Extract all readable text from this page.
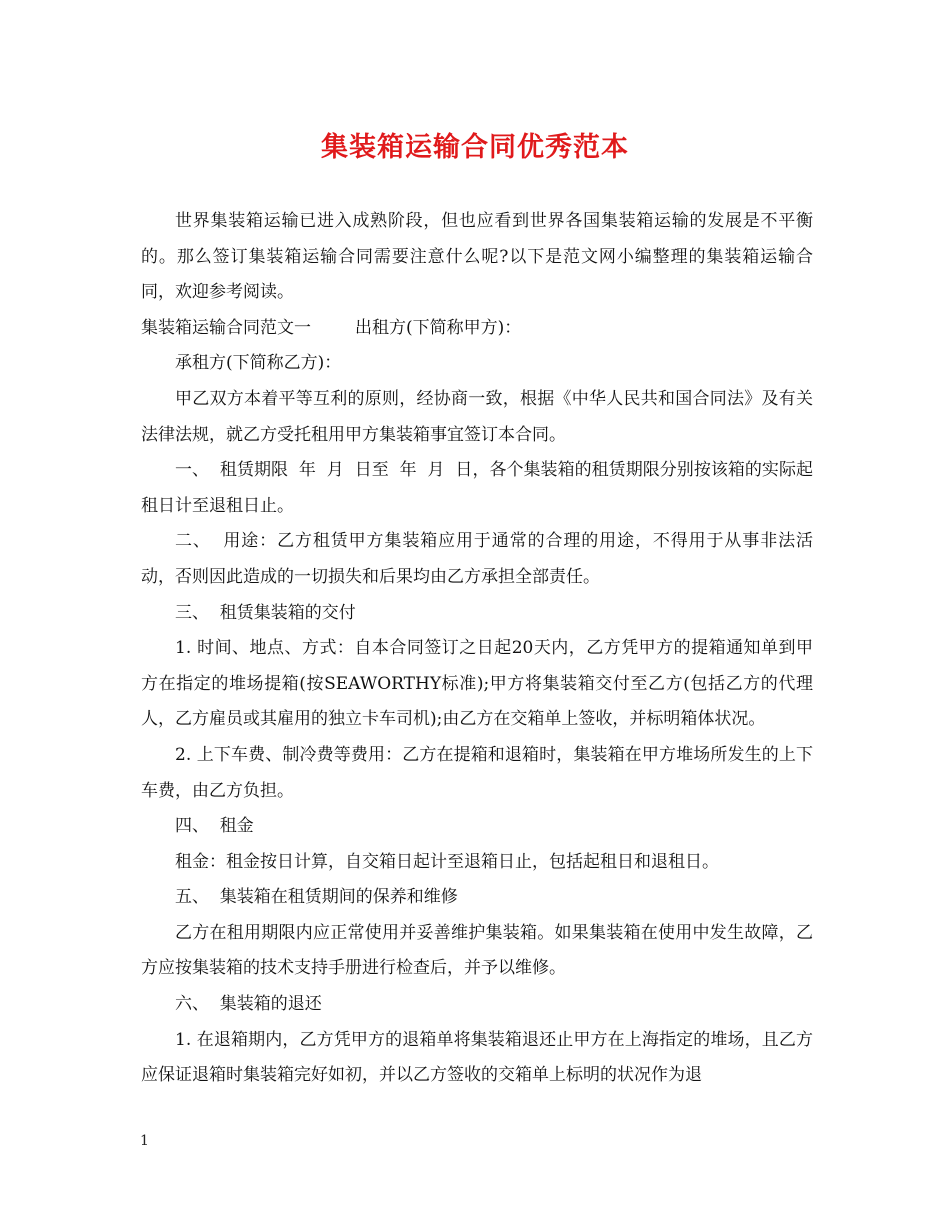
集装箱运输合同优秀范本

世界集装箱运输已进入成熟阶段，但也应看到世界各国集装箱运输的发展是不平衡的。那么签订集装箱运输合同需要注意什么呢?以下是范文网小编整理的集装箱运输合同，欢迎参考阅读。

集装箱运输合同范文一	出租方(下简称甲方)：

承租方(下简称乙方)：

甲乙双方本着平等互利的原则，经协商一致，根据《中华人民共和国合同法》及有关法律法规，就乙方受托租用甲方集装箱事宜签订本合同。

一、  租赁期限  年  月  日至  年  月  日，各个集装箱的租赁期限分别按该箱的实际起租日计至退租日止。

二、  用途：乙方租赁甲方集装箱应用于通常的合理的用途，不得用于从事非法活动，否则因此造成的一切损失和后果均由乙方承担全部责任。

三、  租赁集装箱的交付

1. 时间、地点、方式：自本合同签订之日起20天内，乙方凭甲方的提箱通知单到甲方在指定的堆场提箱(按SEAWORTHY标准);甲方将集装箱交付至乙方(包括乙方的代理人，乙方雇员或其雇用的独立卡车司机);由乙方在交箱单上签收，并标明箱体状况。

2. 上下车费、制冷费等费用：乙方在提箱和退箱时，集装箱在甲方堆场所发生的上下车费，由乙方负担。

四、  租金

租金：租金按日计算，自交箱日起计至退箱日止，包括起租日和退租日。

五、  集装箱在租赁期间的保养和维修

乙方在租用期限内应正常使用并妥善维护集装箱。如果集装箱在使用中发生故障，乙方应按集装箱的技术支持手册进行检查后，并予以维修。

六、  集装箱的退还

1. 在退箱期内，乙方凭甲方的退箱单将集装箱退还止甲方在上海指定的堆场，且乙方应保证退箱时集装箱完好如初，并以乙方签收的交箱单上标明的状况作为退

1
